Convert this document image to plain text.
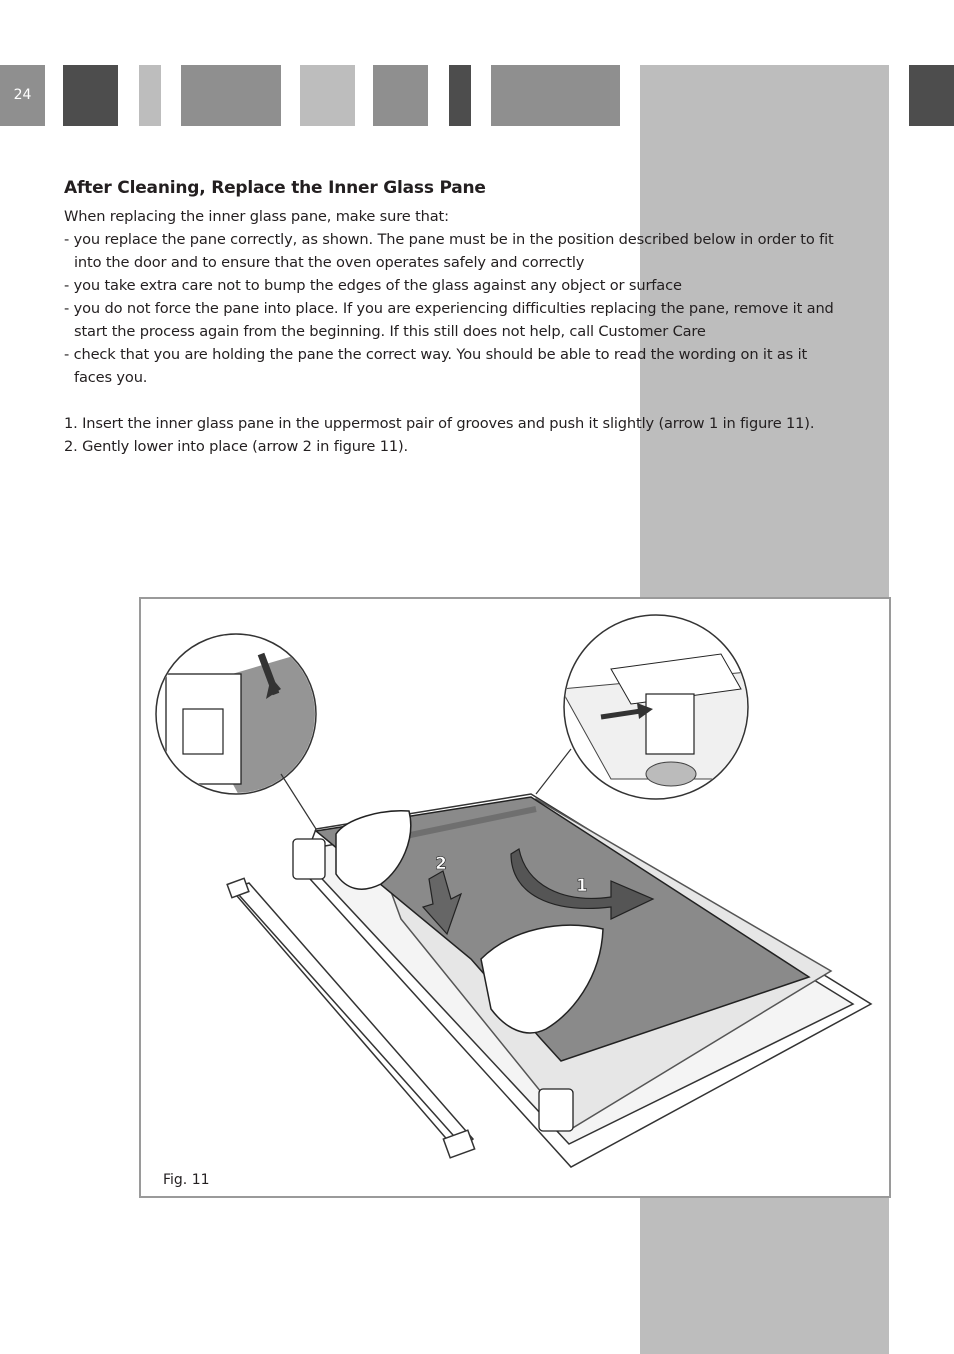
24
After Cleaning, Replace the Inner Glass Pane

When replacing the inner glass pane, make sure that:

- you replace the pane correctly, as shown. The pane must be in the position described below in order to fit into the door and to ensure that the oven operates safely and correctly

- you take extra care not to bump the edges of the glass against any object or surface

- you do not force the pane into place. If you are experiencing difficulties replacing the pane, remove it and start the process again from the beginning. If this still does not help, call Customer Care

- check that you are holding the pane the correct way. You should be able to read the wording on it as it faces you.

1. Insert the inner glass pane in the uppermost pair of grooves and push it slightly (arrow 1 in figure 11).

2. Gently lower into place (arrow 2 in figure 11).

1
2
Fig. 11
